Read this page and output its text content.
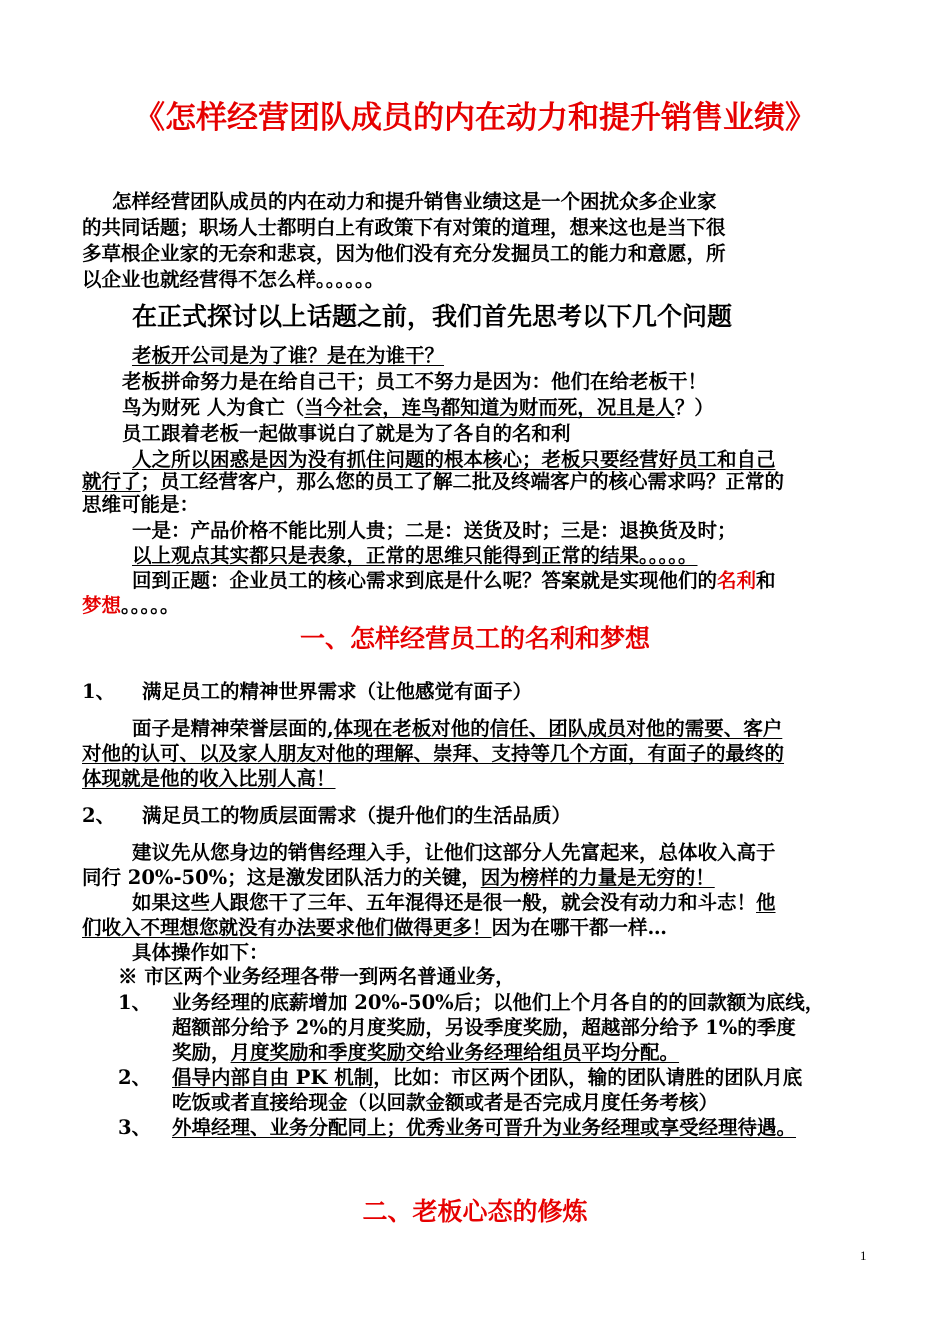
《怎样经营团队成员的内在动力和提升销售业绩》
怎样经营团队成员的内在动力和提升销售业绩这是一个困扰众多企业家
的共同话题；职场人士都明白上有政策下有对策的道理，想来这也是当下很
多草根企业家的无奈和悲哀，因为他们没有充分发掘员工的能力和意愿，所
以企业也就经营得不怎么样。。。。。。
在正式探讨以上话题之前，我们首先思考以下几个问题
老板开公司是为了谁？是在为谁干？
老板拼命努力是在给自己干；员工不努力是因为：他们在给老板干！
鸟为财死 人为食亡（当今社会，连鸟都知道为财而死，况且是人？）
员工跟着老板一起做事说白了就是为了各自的名和利
人之所以困惑是因为没有抓住问题的根本核心；老板只要经营好员工和自己
就行了；员工经营客户，那么您的员工了解二批及终端客户的核心需求吗？正常的
思维可能是：
一是：产品价格不能比别人贵；二是：送货及时；三是：退换货及时；
以上观点其实都只是表象，正常的思维只能得到正常的结果。。。。。
回到正题：企业员工的核心需求到底是什么呢？答案就是实现他们的名利和
梦想。。。。。
一、怎样经营员工的名利和梦想
1、 满足员工的精神世界需求（让他感觉有面子）
面子是精神荣誉层面的,体现在老板对他的信任、团队成员对他的需要、客户
对他的认可、以及家人朋友对他的理解、崇拜、支持等几个方面，有面子的最终的
体现就是他的收入比别人高！
2、 满足员工的物质层面需求（提升他们的生活品质）
建议先从您身边的销售经理入手，让他们这部分人先富起来，总体收入高于
同行 20%-50%；这是激发团队活力的关键，因为榜样的力量是无穷的！
如果这些人跟您干了三年、五年混得还是很一般，就会没有动力和斗志！他
们收入不理想您就没有办法要求他们做得更多！因为在哪干都一样…
具体操作如下：
※ 市区两个业务经理各带一到两名普通业务，
1、 业务经理的底薪增加 20%-50%后；以他们上个月各自的的回款额为底线，
超额部分给予 2%的月度奖励，另设季度奖励，超越部分给予 1%的季度
奖励，月度奖励和季度奖励交给业务经理给组员平均分配。
2、 倡导内部自由 PK 机制，比如：市区两个团队，输的团队请胜的团队月底
吃饭或者直接给现金（以回款金额或者是否完成月度任务考核）
3、 外埠经理、业务分配同上；优秀业务可晋升为业务经理或享受经理待遇。
二、老板心态的修炼
1
